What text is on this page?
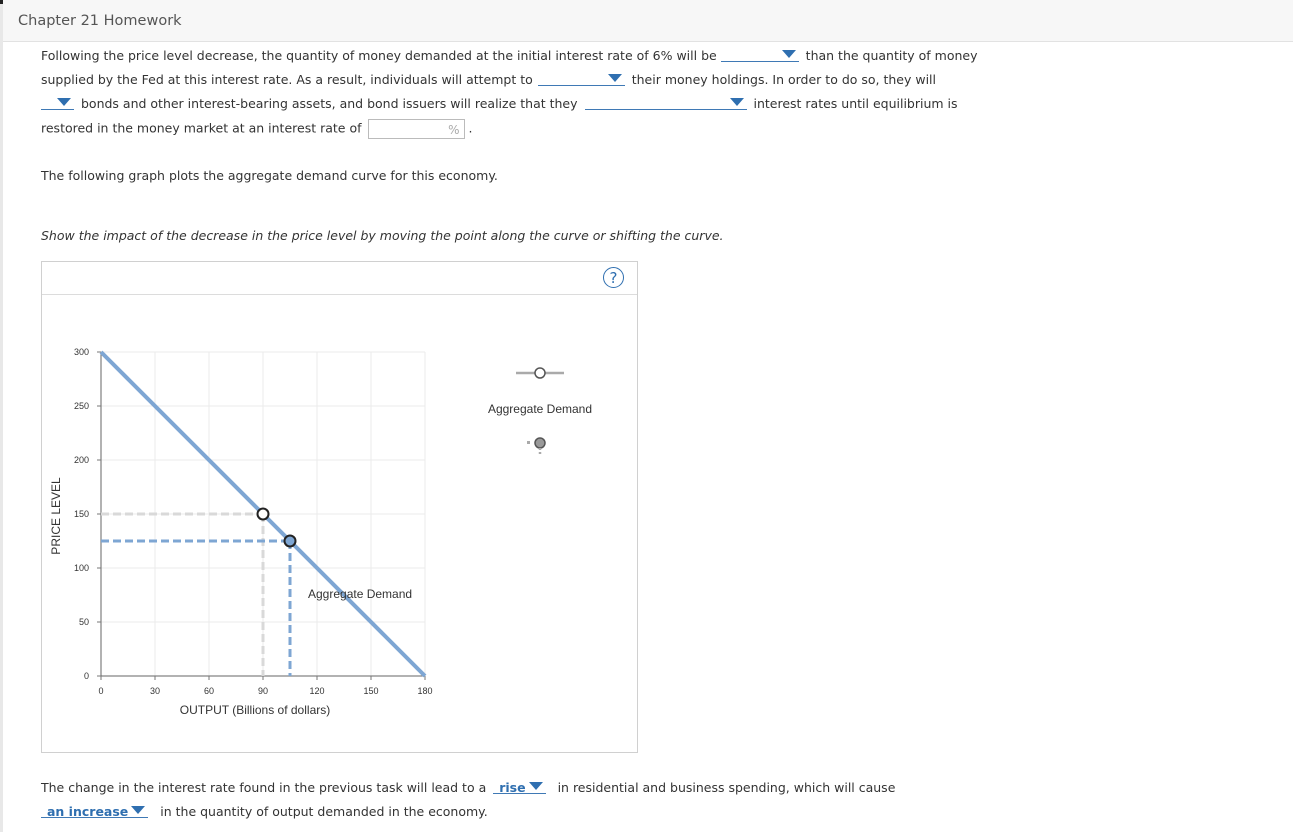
Chapter 21 Homework
Following the price level decrease, the quantity of money demanded at the initial interest rate of 6% will be	than the quantity of money
supplied by the Fed at this interest rate. As a result, individuals will attempt to	their money holdings. In order to do so, they will
bonds and other interest-bearing assets, and bond issuers will realize that they	interest rates until equilibrium is
restored in the money market at an interest rate of	% .
The following graph plots the aggregate demand curve for this economy.
Show the impact of the decrease in the price level by moving the point along the curve or shifting the curve.
?
0	30	60	90	120	150	180
0
50
100
150
200
250
300
Aggregate Demand
OUTPUT (Billions of dollars)
PRICE LEVEL
Aggregate Demand
The change in the interest rate found in the previous task will lead to a rise	in residential and business spending, which will cause
an increase	in the quantity of output demanded in the economy.
